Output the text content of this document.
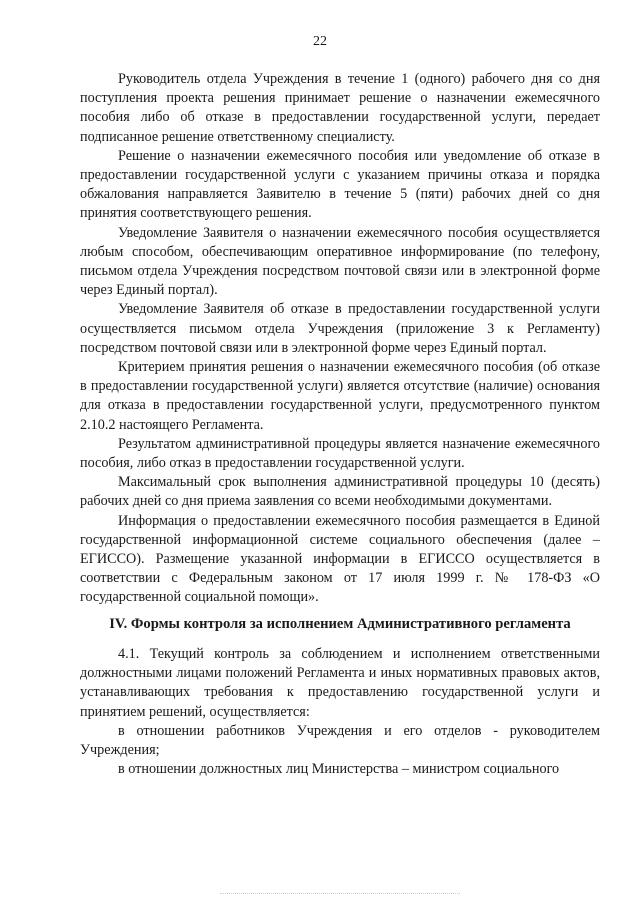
22

Руководитель отдела Учреждения в течение 1 (одного) рабочего дня со дня поступления проекта решения принимает решение о назначении ежемесячного пособия либо об отказе в предоставлении государственной услуги, передает подписанное решение ответственному специалисту.

Решение о назначении ежемесячного пособия или уведомление об отказе в предоставлении государственной услуги с указанием причины отказа и порядка обжалования направляется Заявителю в течение 5 (пяти) рабочих дней со дня принятия соответствующего решения.

Уведомление Заявителя о назначении ежемесячного пособия осуществляется любым способом, обеспечивающим оперативное информирование (по телефону, письмом отдела Учреждения посредством почтовой связи или в электронной форме через Единый портал).

Уведомление Заявителя об отказе в предоставлении государственной услуги осуществляется письмом отдела Учреждения (приложение 3 к Регламенту) посредством почтовой связи или в электронной форме через Единый портал.

Критерием принятия решения о назначении ежемесячного пособия (об отказе в предоставлении государственной услуги) является отсутствие (наличие) основания для отказа в предоставлении государственной услуги, предусмотренного пунктом 2.10.2 настоящего Регламента.

Результатом административной процедуры является назначение ежемесячного пособия, либо отказ в предоставлении государственной услуги.

Максимальный срок выполнения административной процедуры 10 (десять) рабочих дней со дня приема заявления со всеми необходимыми документами.

Информация о предоставлении ежемесячного пособия размещается в Единой государственной информационной системе социального обеспечения (далее – ЕГИССО). Размещение указанной информации в ЕГИССО осуществляется в соответствии с Федеральным законом от 17 июля 1999 г. № 178-ФЗ «О государственной социальной помощи».

IV. Формы контроля за исполнением Административного регламента

4.1. Текущий контроль за соблюдением и исполнением ответственными должностными лицами положений Регламента и иных нормативных правовых актов, устанавливающих требования к предоставлению государственной услуги и принятием решений, осуществляется:

в отношении работников Учреждения и его отделов - руководителем Учреждения;

в отношении должностных лиц Министерства – министром социального
